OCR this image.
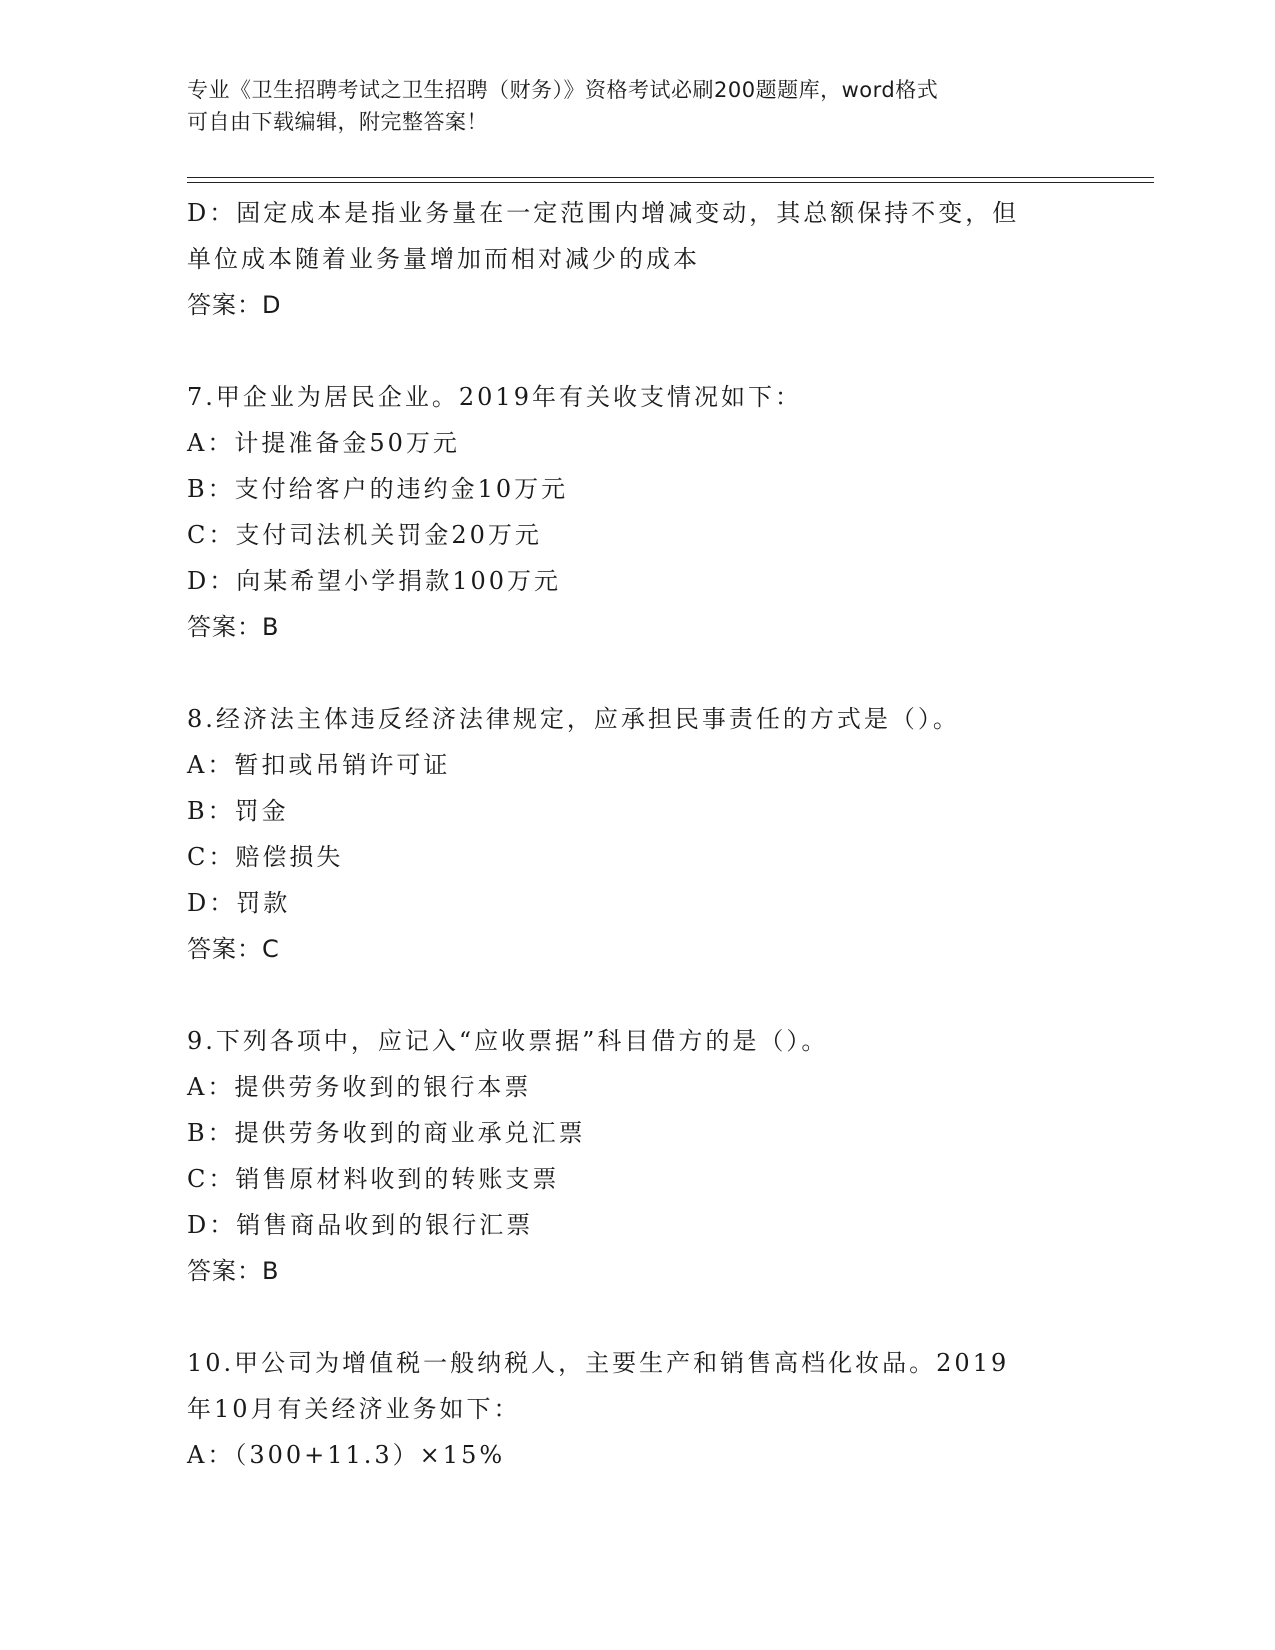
专业《卫生招聘考试之卫生招聘（财务）》资格考试必刷200题题库，word格式
可自由下载编辑，附完整答案！
D：固定成本是指业务量在一定范围内增减变动，其总额保持不变，但
单位成本随着业务量增加而相对减少的成本
答案：D
7.甲企业为居民企业。2019年有关收支情况如下：
A：计提准备金50万元
B：支付给客户的违约金10万元
C：支付司法机关罚金20万元
D：向某希望小学捐款100万元
答案：B
8.经济法主体违反经济法律规定，应承担民事责任的方式是（）。
A：暂扣或吊销许可证
B：罚金
C：赔偿损失
D：罚款
答案：C
9.下列各项中，应记入“应收票据”科目借方的是（）。
A：提供劳务收到的银行本票
B：提供劳务收到的商业承兑汇票
C：销售原材料收到的转账支票
D：销售商品收到的银行汇票
答案：B
10.甲公司为增值税一般纳税人，主要生产和销售高档化妆品。2019
年10月有关经济业务如下：
A：（300+11.3）×15%
